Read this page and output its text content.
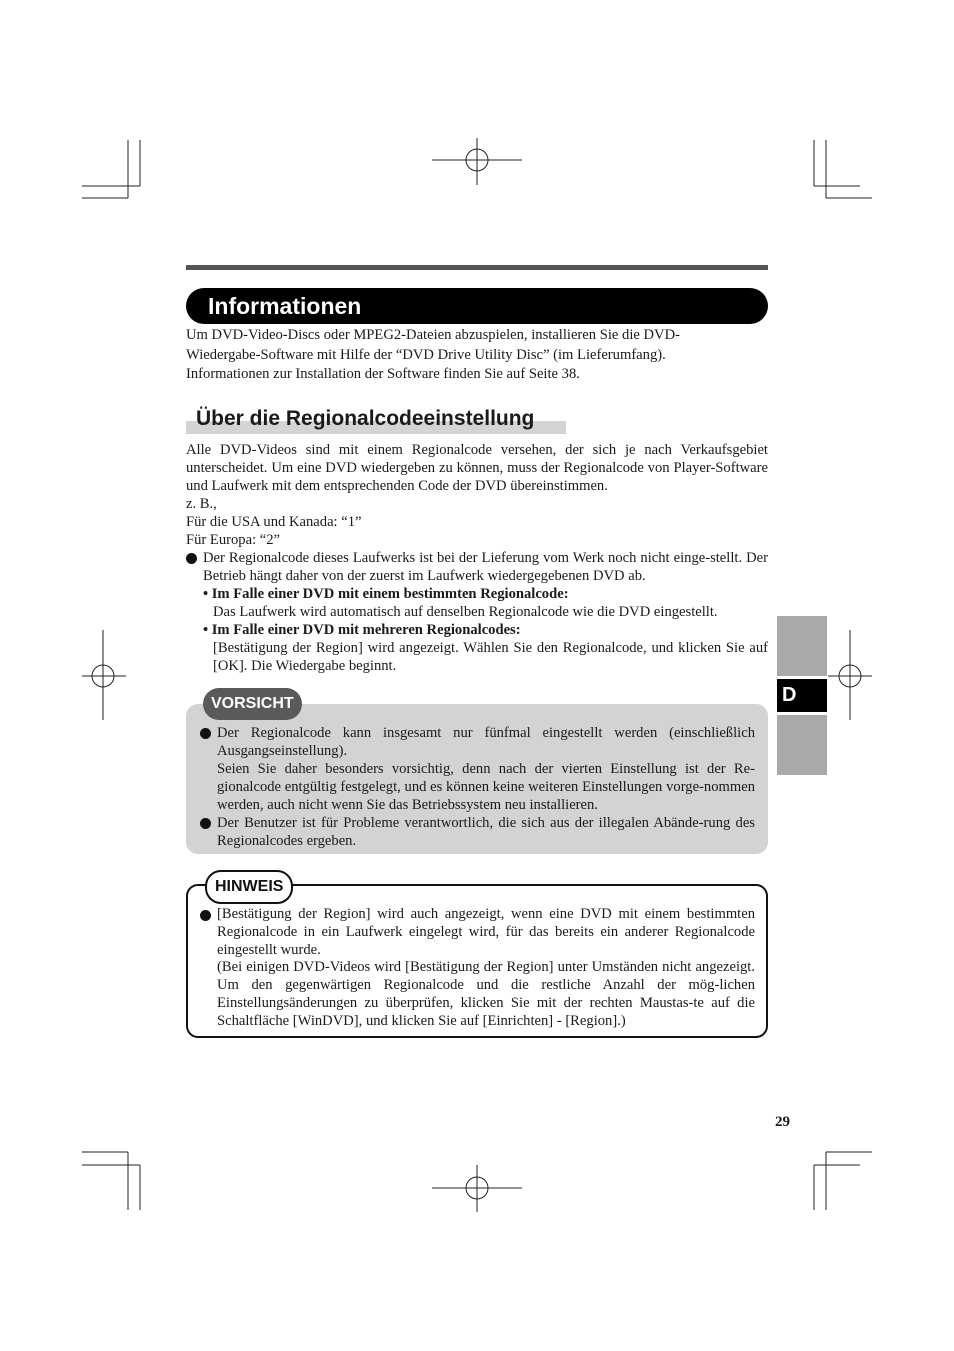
Informationen

Um DVD-Video-Discs oder MPEG2-Dateien abzuspielen, installieren Sie die DVD-

Wiedergabe-Software mit Hilfe der “DVD Drive Utility Disc” (im Lieferumfang).

Informationen zur Installation der Software finden Sie auf Seite 38.

Über die Regionalcodeeinstellung
Alle DVD-Videos sind mit einem Regionalcode versehen, der sich je nach Verkaufsgebiet unterscheidet. Um eine DVD wiedergeben zu können, muss der Regionalcode von Player-Software und Laufwerk mit dem entsprechenden Code der DVD übereinstimmen.
z. B.,
Für die USA und Kanada: “1”
Für Europa: “2”
Der Regionalcode dieses Laufwerks ist bei der Lieferung vom Werk noch nicht einge-stellt. Der Betrieb hängt daher von der zuerst im Laufwerk wiedergegebenen DVD ab.
• Im Falle einer DVD mit einem bestimmten Regionalcode:
Das Laufwerk wird automatisch auf denselben Regionalcode wie die DVD eingestellt.
• Im Falle einer DVD mit mehreren Regionalcodes:
[Bestätigung der Region] wird angezeigt. Wählen Sie den Regionalcode, und klicken Sie auf [OK]. Die Wiedergabe beginnt.
VORSICHT
Der Regionalcode kann insgesamt nur fünfmal eingestellt werden (einschließlich Ausgangseinstellung).
Seien Sie daher besonders vorsichtig, denn nach der vierten Einstellung ist der Re-gionalcode entgültig festgelegt, und es können keine weiteren Einstellungen vorge-nommen werden, auch nicht wenn Sie das Betriebssystem neu installieren.
Der Benutzer ist für Probleme verantwortlich, die sich aus der illegalen Abände-rung des Regionalcodes ergeben.
HINWEIS
[Bestätigung der Region] wird auch angezeigt, wenn eine DVD mit einem bestimmten Regionalcode in ein Laufwerk eingelegt wird, für das bereits ein anderer Regionalcode eingestellt wurde.
(Bei einigen DVD-Videos wird [Bestätigung der Region] unter Umständen nicht angezeigt. Um den gegenwärtigen Regionalcode und die restliche Anzahl der mög-lichen Einstellungsänderungen zu überprüfen, klicken Sie mit der rechten Maustas-te auf die Schaltfläche [WinDVD], und klicken Sie auf [Einrichten] - [Region].)
D
29
